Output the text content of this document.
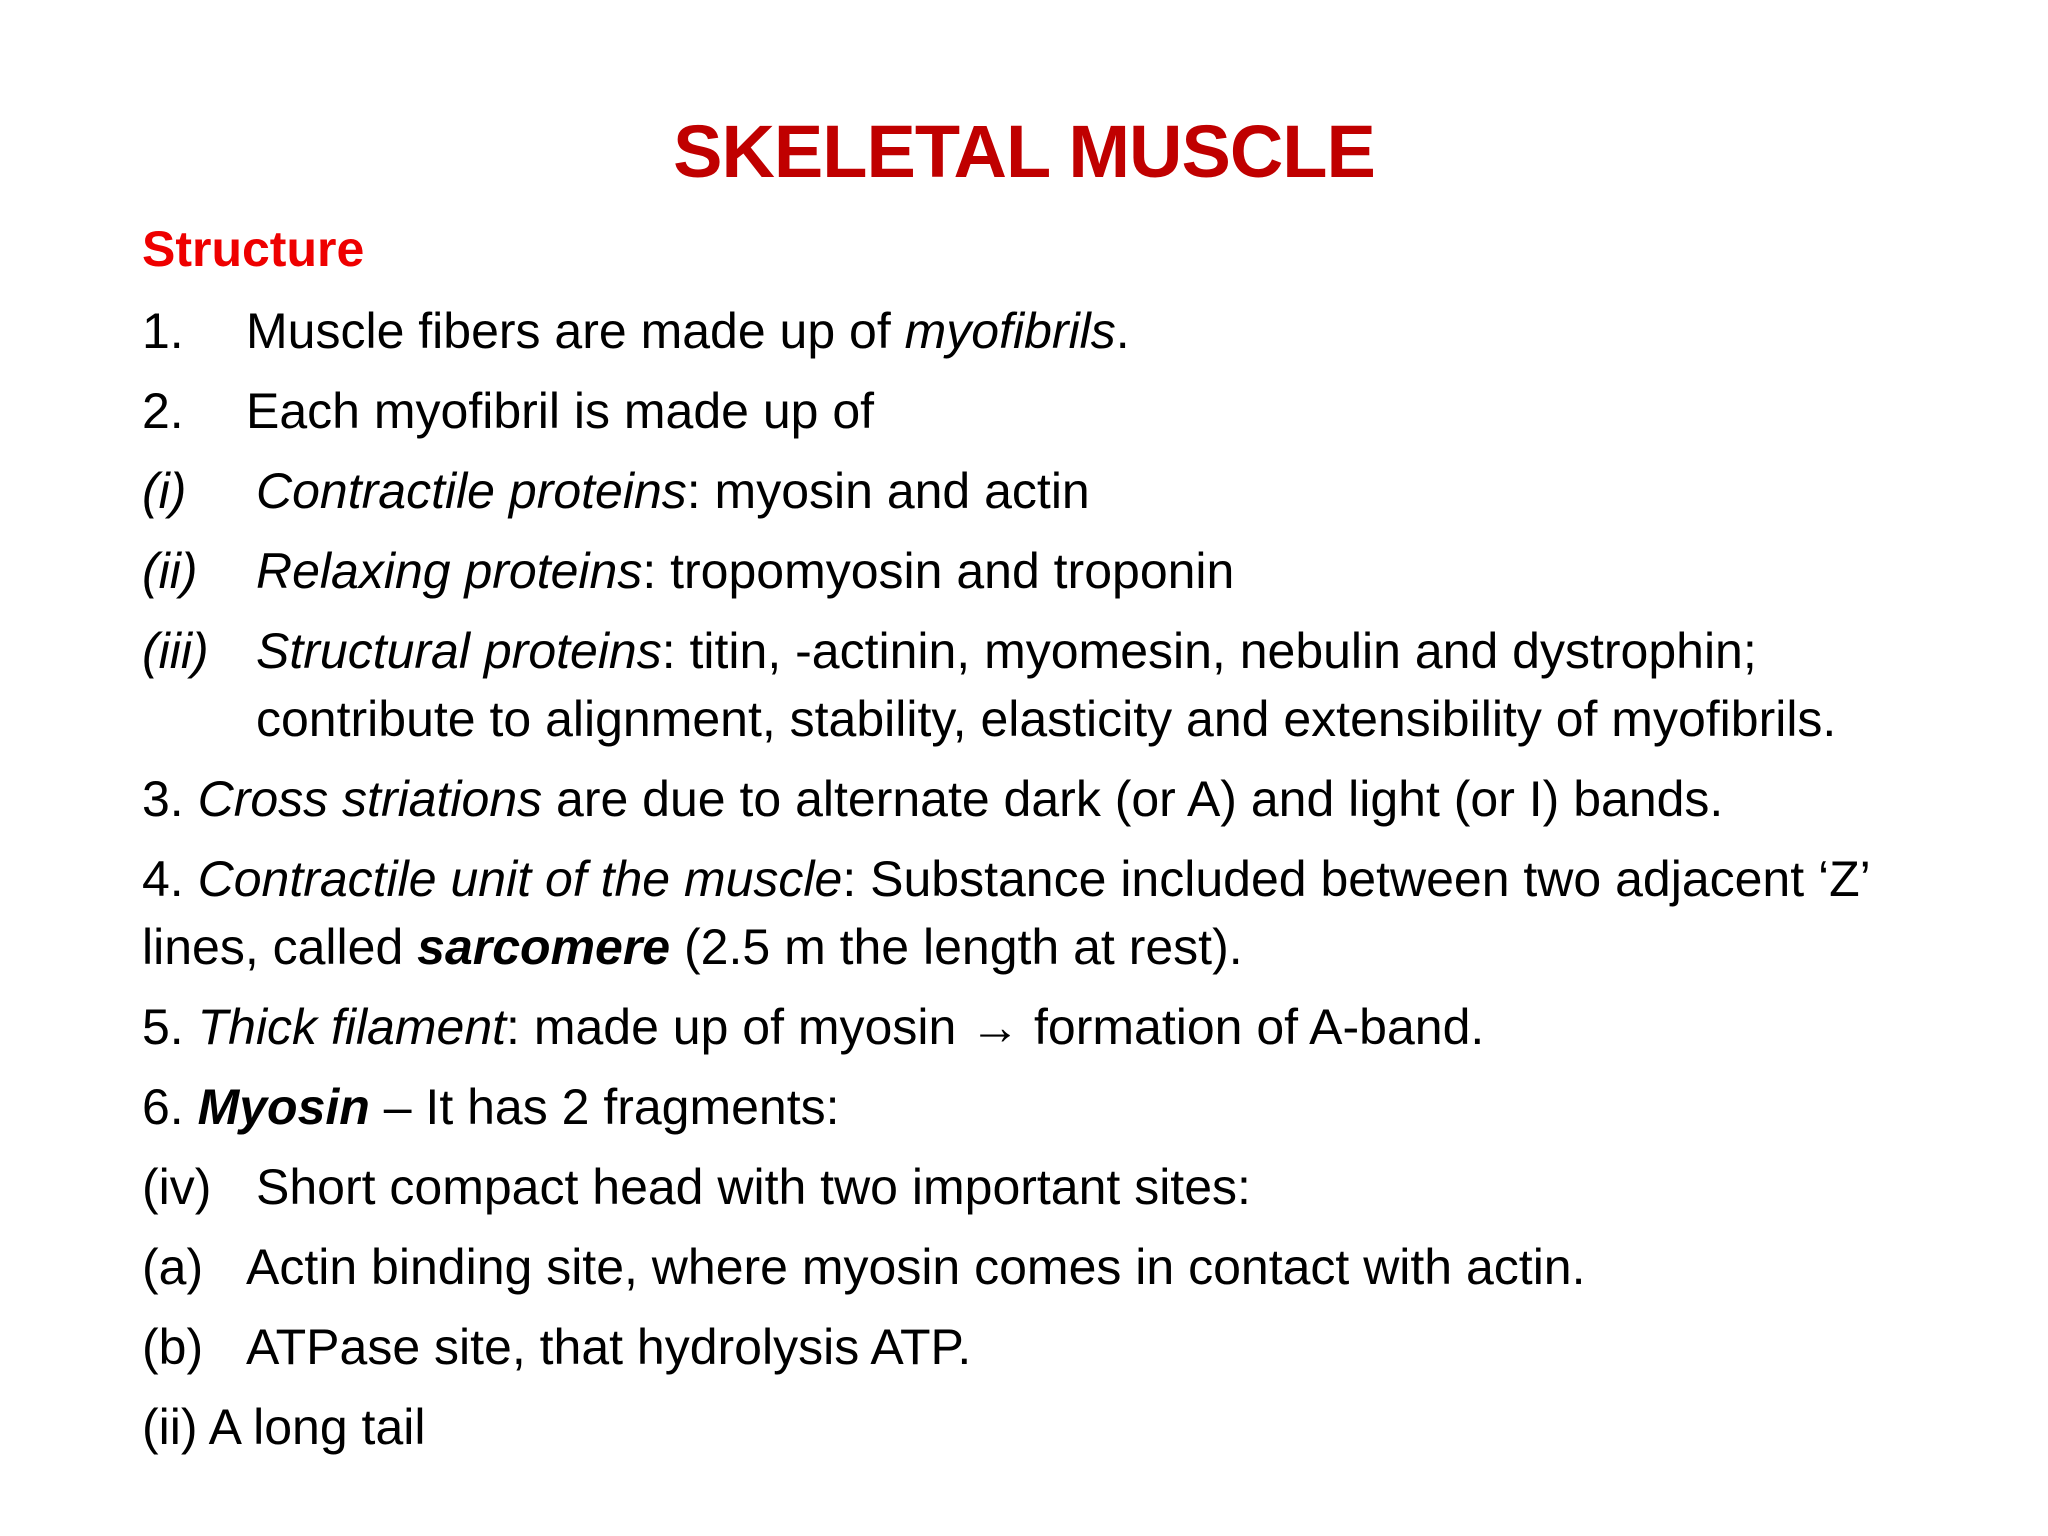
SKELETAL MUSCLE
Structure
1. Muscle fibers are made up of myofibrils.
2. Each myofibril is made up of
(i) Contractile proteins: myosin and actin
(ii) Relaxing proteins: tropomyosin and troponin
(iii) Structural proteins: titin, -actinin, myomesin, nebulin and dystrophin;
contribute to alignment, stability, elasticity and extensibility of myofibrils.
3. Cross striations are due to alternate dark (or A) and light (or I) bands.
4. Contractile unit of the muscle: Substance included between two adjacent ‘Z’
lines, called sarcomere (2.5 m the length at rest).
5. Thick filament: made up of myosin → formation of A-band.
6. Myosin – It has 2 fragments:
(iv) Short compact head with two important sites:
(a) Actin binding site, where myosin comes in contact with actin.
(b) ATPase site, that hydrolysis ATP.
(ii) A long tail
